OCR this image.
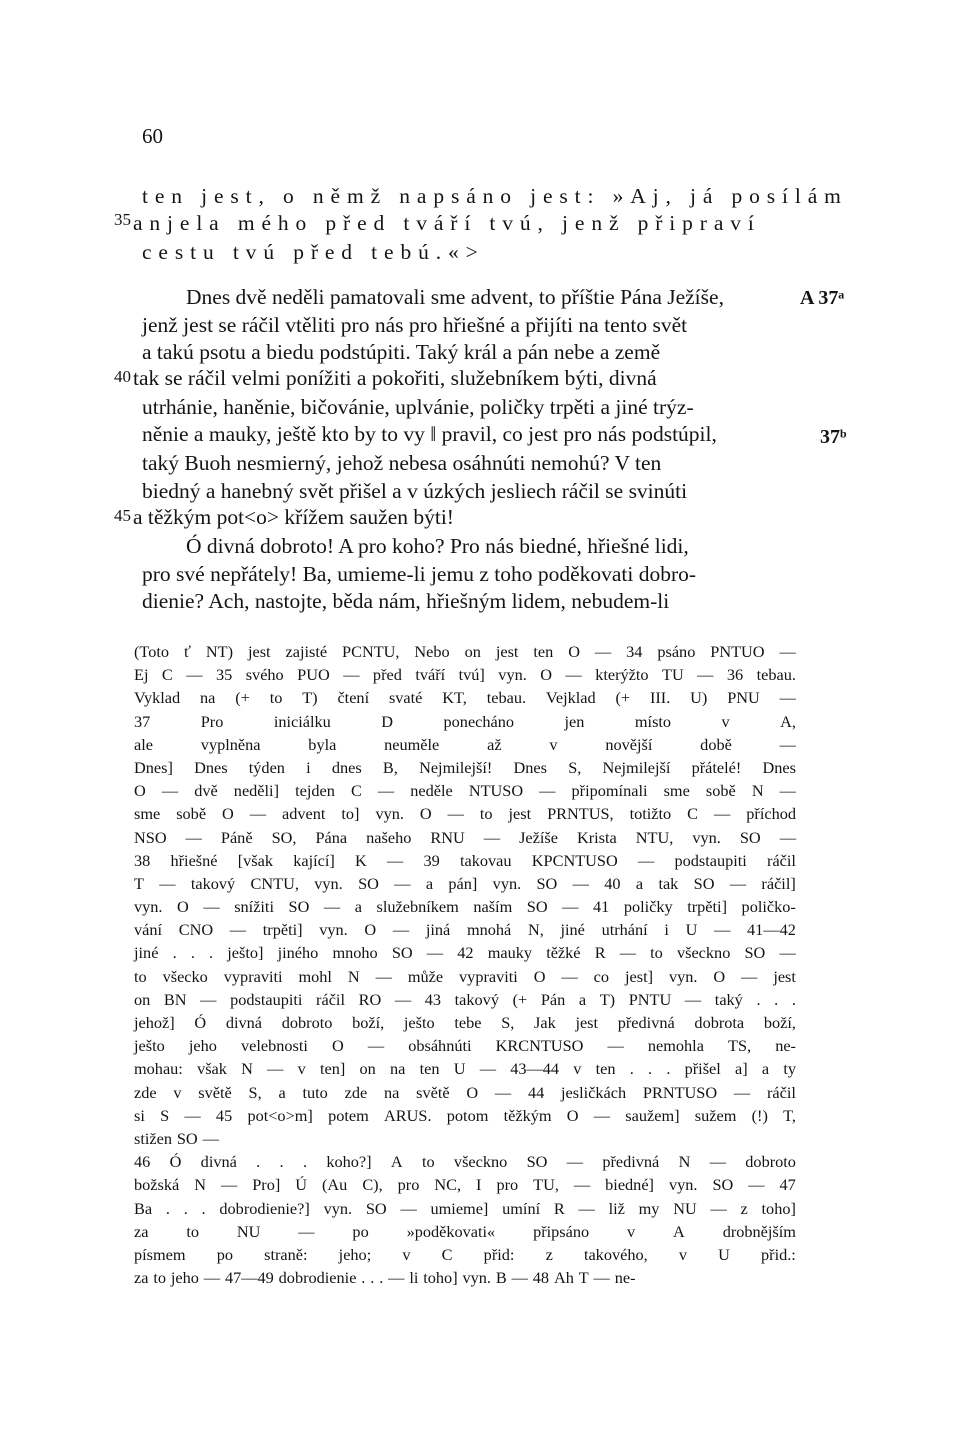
60
ten jest, o němž napsáno jest: »Aj, já posílám
35 anjela mého před tváří tvú, jenž připraví
cestu tvú před tebú.«>
Dnes dvě neděli pamatovali sme advent, to příštie Pána Ježíše,	A 37ᵃ
jenž jest se ráčil vtěliti pro nás pro hřiešné a přijíti na tento svět
a takú psotu a biedu podstúpiti. Taký král a pán nebe a země
40 tak se ráčil velmi ponížiti a pokořiti, služebníkem býti, divná
utrhánie, haněnie, bičovánie, uplvánie, poličky trpěti a jiné trýz-
něnie a mauky, ještě kto by to vy ‖ pravil, co jest pro nás podstúpil,	37ᵇ
taký Buoh nesmierný, jehož nebesa osáhnúti nemohú? V ten
biedný a hanebný svět přišel a v úzkých jesliech ráčil se svinúti
45 a těžkým pot<o> křížem saužen býti!
Ó divná dobroto! A pro koho? Pro nás biedné, hřiešné lidi,
pro své nepřátely! Ba, umieme-li jemu z toho poděkovati dobro-
dienie? Ach, nastojte, běda nám, hřiešným lidem, nebudem-li
(Toto ť NT) jest zajisté PCNTU, Nebo on jest ten O — 34 psáno PNTUO —
Ej C — 35 svého PUO — před tváří tvú] vyn. O — kterýžto TU — 36 tebau.
Vyklad na (+ to T) čtení svaté KT, tebau. Vejklad (+ III. U) PNU —
37	Pro	iniciálku	D	ponecháno	jen	místo	v	A,
ale	vyplněna	byla	neuměle	až	v	novější	době	—
Dnes] Dnes týden i dnes B, Nejmilejší! Dnes S, Nejmilejší přátelé! Dnes
O — dvě neděli] tejden C — neděle NTUSO — připomínali sme sobě N —
sme sobě O — advent to] vyn. O — to jest PRNTUS, totižto C — příchod
NSO — Páně SO, Pána našeho RNU — Ježíše Krista NTU, vyn. SO —
38 hřiešné [však kající] K — 39 takovau KPCNTUSO — podstaupiti ráčil
T — takový CNTU, vyn. SO — a pán] vyn. SO — 40 a tak SO — ráčil]
vyn. O — snížiti SO — a služebníkem naším SO — 41 poličky trpěti] poličko-
vání CNO — trpěti] vyn. O — jiná mnohá N, jiné utrhání i U — 41—42
jiné . . . ješto] jiného mnoho SO — 42 mauky těžké R — to všeckno SO —
to všecko vypraviti mohl N — může vypraviti O — co jest] vyn. O — jest
on BN — podstaupiti ráčil RO — 43 takový (+ Pán a T) PNTU — taký . . .
jehož] Ó divná dobroto boží, ješto tebe S, Jak jest předivná dobrota boží,
ješto jeho velebnosti O — obsáhnúti KRCNTUSO — nemohla TS, ne-
mohau: však N — v ten] on na ten U — 43—44 v ten . . . přišel a] a ty
zde v světě S, a tuto zde na světě O — 44 jesličkách PRNTUSO — ráčil
si S — 45 pot<o>m] potem ARUS. potom těžkým O — saužem] sužem (!) T,
stižen SO —
46 Ó divná . . . koho?] A to všeckno SO — předivná N — dobroto
božská N — Pro] Ú (Au C), pro NC, I pro TU, — biedné] vyn. SO — 47
Ba . . . dobrodienie?] vyn. SO — umieme] umíní R — liž my NU — z toho]
za to NU — po »poděkovati« připsáno v A drobnějším
písmem po straně: jeho; v C přid: z takového, v U přid.:
za to jeho — 47—49 dobrodienie . . . — li toho] vyn. B — 48 Ah T — ne-
